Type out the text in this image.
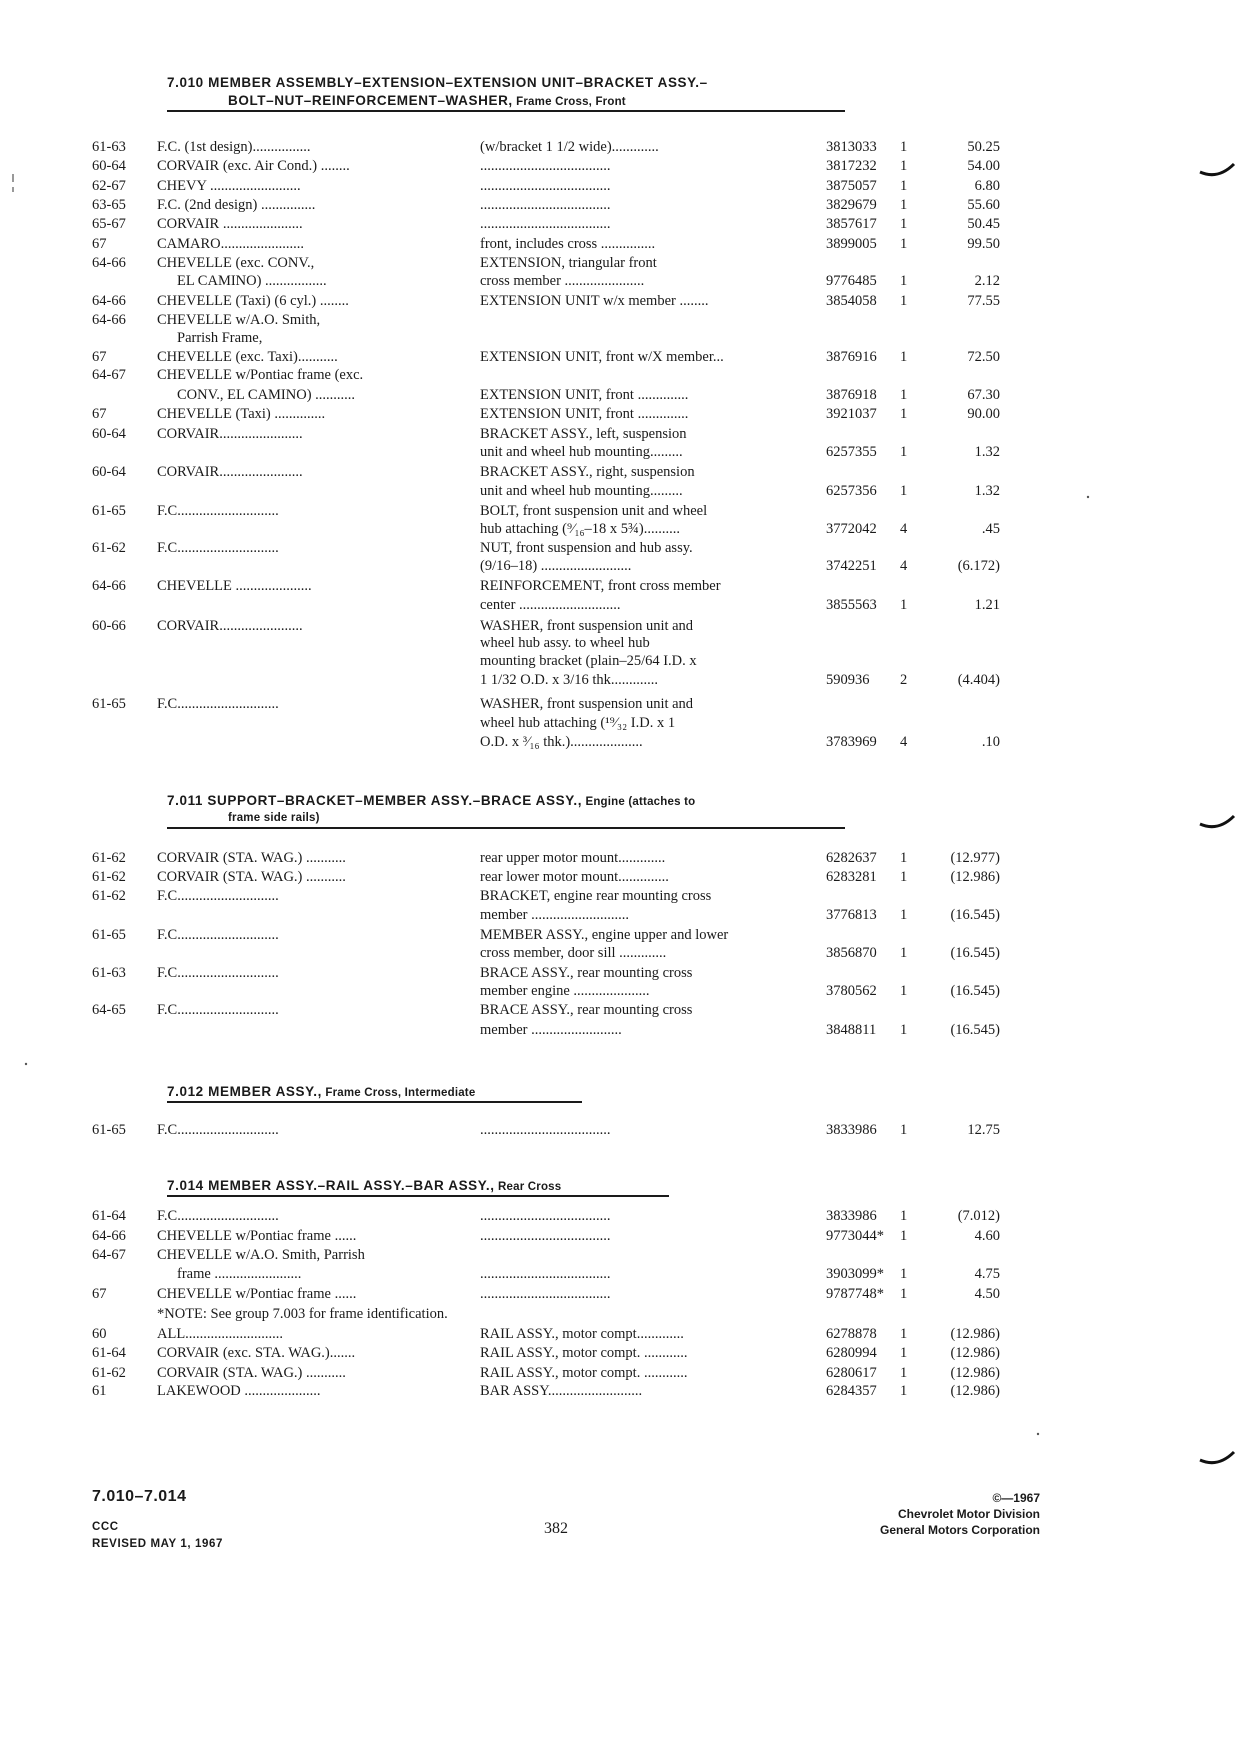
7.010 MEMBER ASSEMBLY–EXTENSION–EXTENSION UNIT–BRACKET ASSY.–
BOLT–NUT–REINFORCEMENT–WASHER, Frame Cross, Front
7.011 SUPPORT–BRACKET–MEMBER ASSY.–BRACE ASSY., Engine (attaches to
frame side rails)
7.012 MEMBER ASSY., Frame Cross, Intermediate
7.014 MEMBER ASSY.–RAIL ASSY.–BAR ASSY., Rear Cross
61-63 F.C. (1st design)................	(w/bracket 1 1/2 wide).............	3813033 1	50.25
60-64 CORVAIR (exc. Air Cond.) ........	....................................	3817232 1	54.00
62-67 CHEVY .........................	....................................	3875057 1	6.80
63-65 F.C. (2nd design) ...............	....................................	3829679 1	55.60
65-67 CORVAIR ......................	....................................	3857617 1	50.45
67	CAMARO.......................	front, includes cross ...............	3899005 1	99.50
64-66 CHEVELLE (exc. CONV.,	EXTENSION, triangular front
EL CAMINO) .................	cross member ......................	9776485 1	2.12
64-66 CHEVELLE (Taxi) (6 cyl.) ........	EXTENSION UNIT w/x member ........	3854058 1	77.55
64-66 CHEVELLE w/A.O. Smith,
Parrish Frame,
67	CHEVELLE (exc. Taxi)...........	EXTENSION UNIT, front w/X member...	3876916 1	72.50
64-67 CHEVELLE w/Pontiac frame (exc.
CONV., EL CAMINO) ...........	EXTENSION UNIT, front ..............	3876918 1	67.30
67	CHEVELLE (Taxi) ..............	EXTENSION UNIT, front ..............	3921037 1	90.00
60-64 CORVAIR.......................	BRACKET ASSY., left, suspension
unit and wheel hub mounting.........	6257355 1	1.32
60-64 CORVAIR.......................	BRACKET ASSY., right, suspension
unit and wheel hub mounting.........	6257356 1	1.32
61-65 F.C............................	BOLT, front suspension unit and wheel
hub attaching (⁹⁄₁₆–18 x 5¾)..........	3772042 4	.45
61-62 F.C............................	NUT, front suspension and hub assy.
(9/16–18) .........................	3742251 4	(6.172)
64-66 CHEVELLE .....................	REINFORCEMENT, front cross member
center ............................	3855563 1	1.21
60-66 CORVAIR.......................	WASHER, front suspension unit and
wheel hub assy. to wheel hub
mounting bracket (plain–25/64 I.D. x
1 1/32 O.D. x 3/16 thk.............	590936 2	(4.404)
61-65 F.C............................	WASHER, front suspension unit and
wheel hub attaching (¹⁹⁄₃₂ I.D. x 1
O.D. x ³⁄₁₆ thk.)....................	3783969 4	.10
61-62 CORVAIR (STA. WAG.) ...........	rear upper motor mount.............	6282637 1	(12.977)
61-62 CORVAIR (STA. WAG.) ...........	rear lower motor mount..............	6283281 1	(12.986)
61-62 F.C............................	BRACKET, engine rear mounting cross
member ...........................	3776813 1	(16.545)
61-65 F.C............................	MEMBER ASSY., engine upper and lower
cross member, door sill .............	3856870 1	(16.545)
61-63 F.C............................	BRACE ASSY., rear mounting cross
member engine .....................	3780562 1	(16.545)
64-65 F.C............................	BRACE ASSY., rear mounting cross
member .........................	3848811 1	(16.545)
61-65 F.C............................	....................................	3833986 1	12.75
61-64 F.C............................	....................................	3833986 1	(7.012)
64-66 CHEVELLE w/Pontiac frame ......	....................................	9773044* 1	4.60
64-67 CHEVELLE w/A.O. Smith, Parrish
frame ........................	....................................	3903099* 1	4.75
67	CHEVELLE w/Pontiac frame ......	....................................	9787748* 1	4.50
*NOTE: See group 7.003 for frame identification.
60	ALL...........................	RAIL ASSY., motor compt.............	6278878 1	(12.986)
61-64 CORVAIR (exc. STA. WAG.).......	RAIL ASSY., motor compt. ............	6280994 1	(12.986)
61-62 CORVAIR (STA. WAG.) ...........	RAIL ASSY., motor compt. ............	6280617 1	(12.986)
61	LAKEWOOD .....................	BAR ASSY..........................	6284357 1	(12.986)
7.010–7.014
CCC
REVISED MAY 1, 1967
382
©—1967
Chevrolet Motor Division
General Motors Corporation
